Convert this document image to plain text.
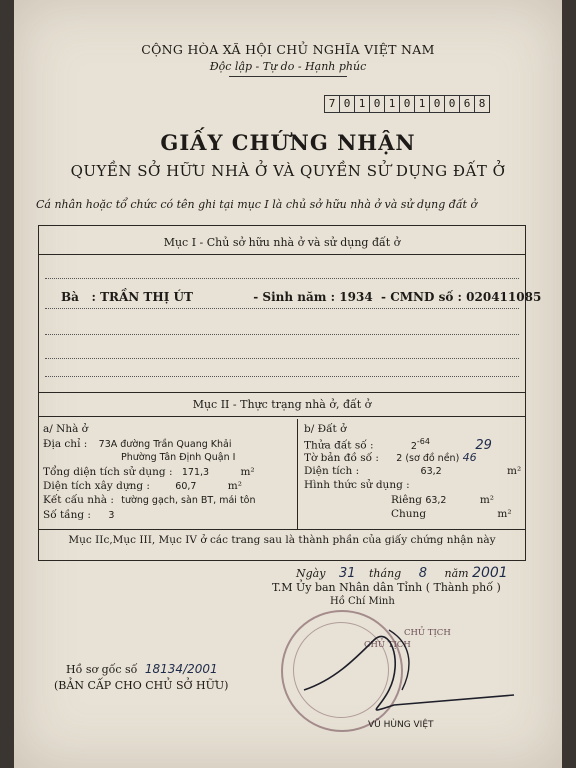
CỘNG HÒA XÃ HỘI CHỦ NGHĨA VIỆT NAM
Độc lập - Tự do - Hạnh phúc
7 0 1 0 1 0 1 0 0 6 8
GIẤY CHỨNG NHẬN
QUYỀN SỞ HỮU NHÀ Ở VÀ QUYỀN SỬ DỤNG ĐẤT Ở
Cá nhân hoặc tổ chức có tên ghi tại mục I là chủ sở hữu nhà ở và sử dụng đất ở
Mục I - Chủ sở hữu nhà ở và sử dụng đất ở
Bà : TRẦN THỊ ÚT	- Sinh năm : 1934 - CMND số : 020411085
Mục II - Thực trạng nhà ở, đất ở
a/ Nhà ở
Địa chỉ : 73A đường Trần Quang Khải
Phường Tân Định Quận I
Tổng diện tích sử dụng : 171,3	m²
Diện tích xây dựng :	60,7	m²
Kết cấu nhà : tường gạch, sàn BT, mái tôn
Số tầng : 3
b/ Đất ở
Thửa đất số :	$2^{-64}$	29
Tờ bản đồ số : 2 (sơ đồ nền) 46
Diện tích :	63,2	m²
Hình thức sử dụng :
Riêng 63,2	m²
Chung	m²
Mục IIc,Mục III, Mục IV ở các trang sau là thành phần của giấy chứng nhận này
Ngày 31 tháng 8 năm 2001
T.M Ủy ban Nhân dân Tỉnh ( Thành phố )
Hồ Chí Minh
CHỦ TỊCH
CHỦ TỊCH
VŨ HÙNG VIỆT
Hồ sơ gốc số 18134/2001
(BẢN CẤP CHO CHỦ SỞ HỮU)
